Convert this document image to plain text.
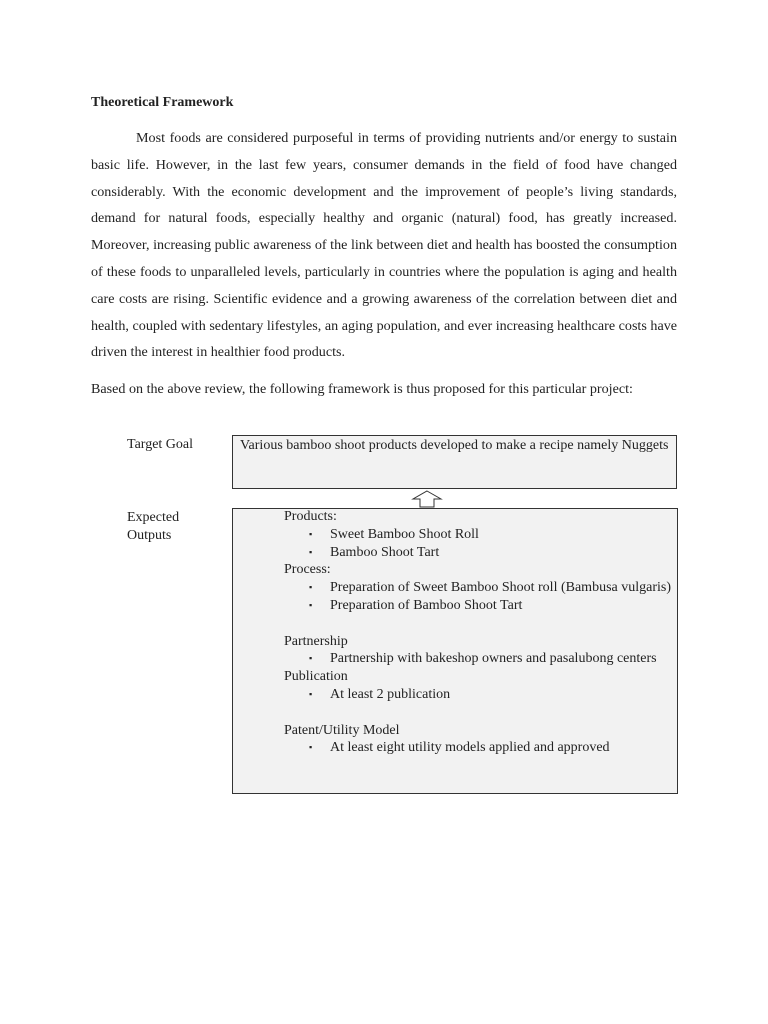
Theoretical Framework

Most foods are considered purposeful in terms of providing nutrients and/or energy to sustain basic life. However, in the last few years, consumer demands in the field of food have changed considerably. With the economic development and the improvement of people’s living standards, demand for natural foods, especially healthy and organic (natural) food, has greatly increased. Moreover, increasing public awareness of the link between diet and health has boosted the consumption of these foods to unparalleled levels, particularly in countries where the population is aging and health care costs are rising. Scientific evidence and a growing awareness of the correlation between diet and health, coupled with sedentary lifestyles, an aging population, and ever increasing healthcare costs have driven the interest in healthier food products.

Based on the above review, the following framework is thus proposed for this particular project:

Target Goal	Various bamboo shoot products developed to make a recipe namely Nuggets
Expected Outputs
Products:
▪ Sweet Bamboo Shoot Roll
▪ Bamboo Shoot Tart
Process:
▪ Preparation of Sweet Bamboo Shoot roll (Bambusa vulgaris)
▪ Preparation of Bamboo Shoot Tart
Partnership
▪ Partnership with bakeshop owners and pasalubong centers
Publication
▪ At least 2 publication
Patent/Utility Model
▪ At least eight utility models applied and approved
